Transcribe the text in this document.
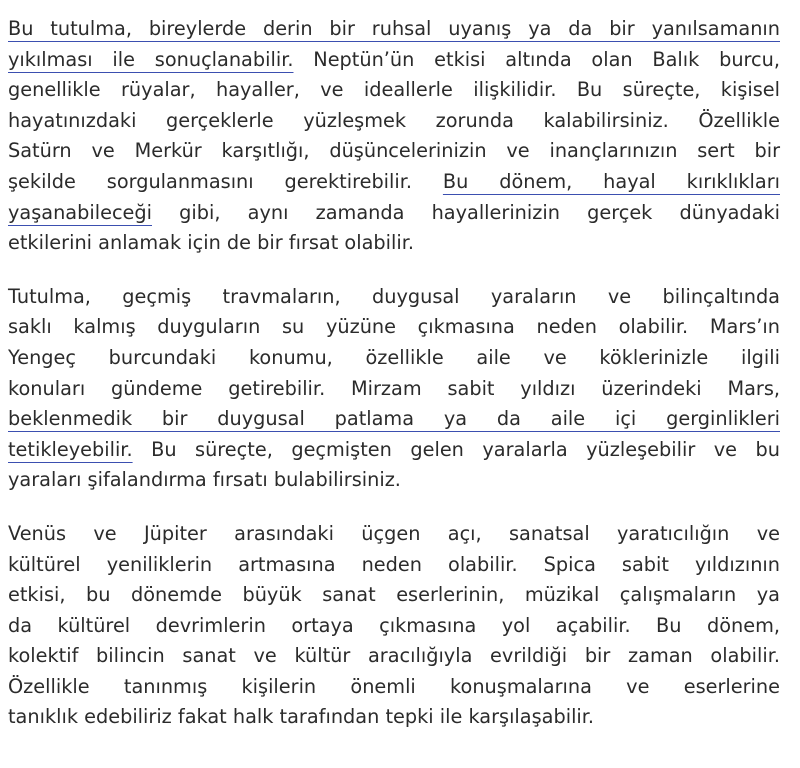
Bu tutulma, bireylerde derin bir ruhsal uyanış ya da bir yanılsamanın
yıkılması ile sonuçlanabilir. Neptün’ün etkisi altında olan Balık burcu,
genellikle rüyalar, hayaller, ve ideallerle ilişkilidir. Bu süreçte, kişisel
hayatınızdaki gerçeklerle yüzleşmek zorunda kalabilirsiniz. Özellikle
Satürn ve Merkür karşıtlığı, düşüncelerinizin ve inançlarınızın sert bir
şekilde sorgulanmasını gerektirebilir. Bu dönem, hayal kırıklıkları
yaşanabileceği gibi, aynı zamanda hayallerinizin gerçek dünyadaki
etkilerini anlamak için de bir fırsat olabilir.
Tutulma, geçmiş travmaların, duygusal yaraların ve bilinçaltında
saklı kalmış duyguların su yüzüne çıkmasına neden olabilir. Mars’ın
Yengeç burcundaki konumu, özellikle aile ve köklerinizle ilgili
konuları gündeme getirebilir. Mirzam sabit yıldızı üzerindeki Mars,
beklenmedik bir duygusal patlama ya da aile içi gerginlikleri
tetikleyebilir. Bu süreçte, geçmişten gelen yaralarla yüzleşebilir ve bu
yaraları şifalandırma fırsatı bulabilirsiniz.
Venüs ve Jüpiter arasındaki üçgen açı, sanatsal yaratıcılığın ve
kültürel yeniliklerin artmasına neden olabilir. Spica sabit yıldızının
etkisi, bu dönemde büyük sanat eserlerinin, müzikal çalışmaların ya
da kültürel devrimlerin ortaya çıkmasına yol açabilir. Bu dönem,
kolektif bilincin sanat ve kültür aracılığıyla evrildiği bir zaman olabilir.
Özellikle tanınmış kişilerin önemli konuşmalarına ve eserlerine
tanıklık edebiliriz fakat halk tarafından tepki ile karşılaşabilir.
